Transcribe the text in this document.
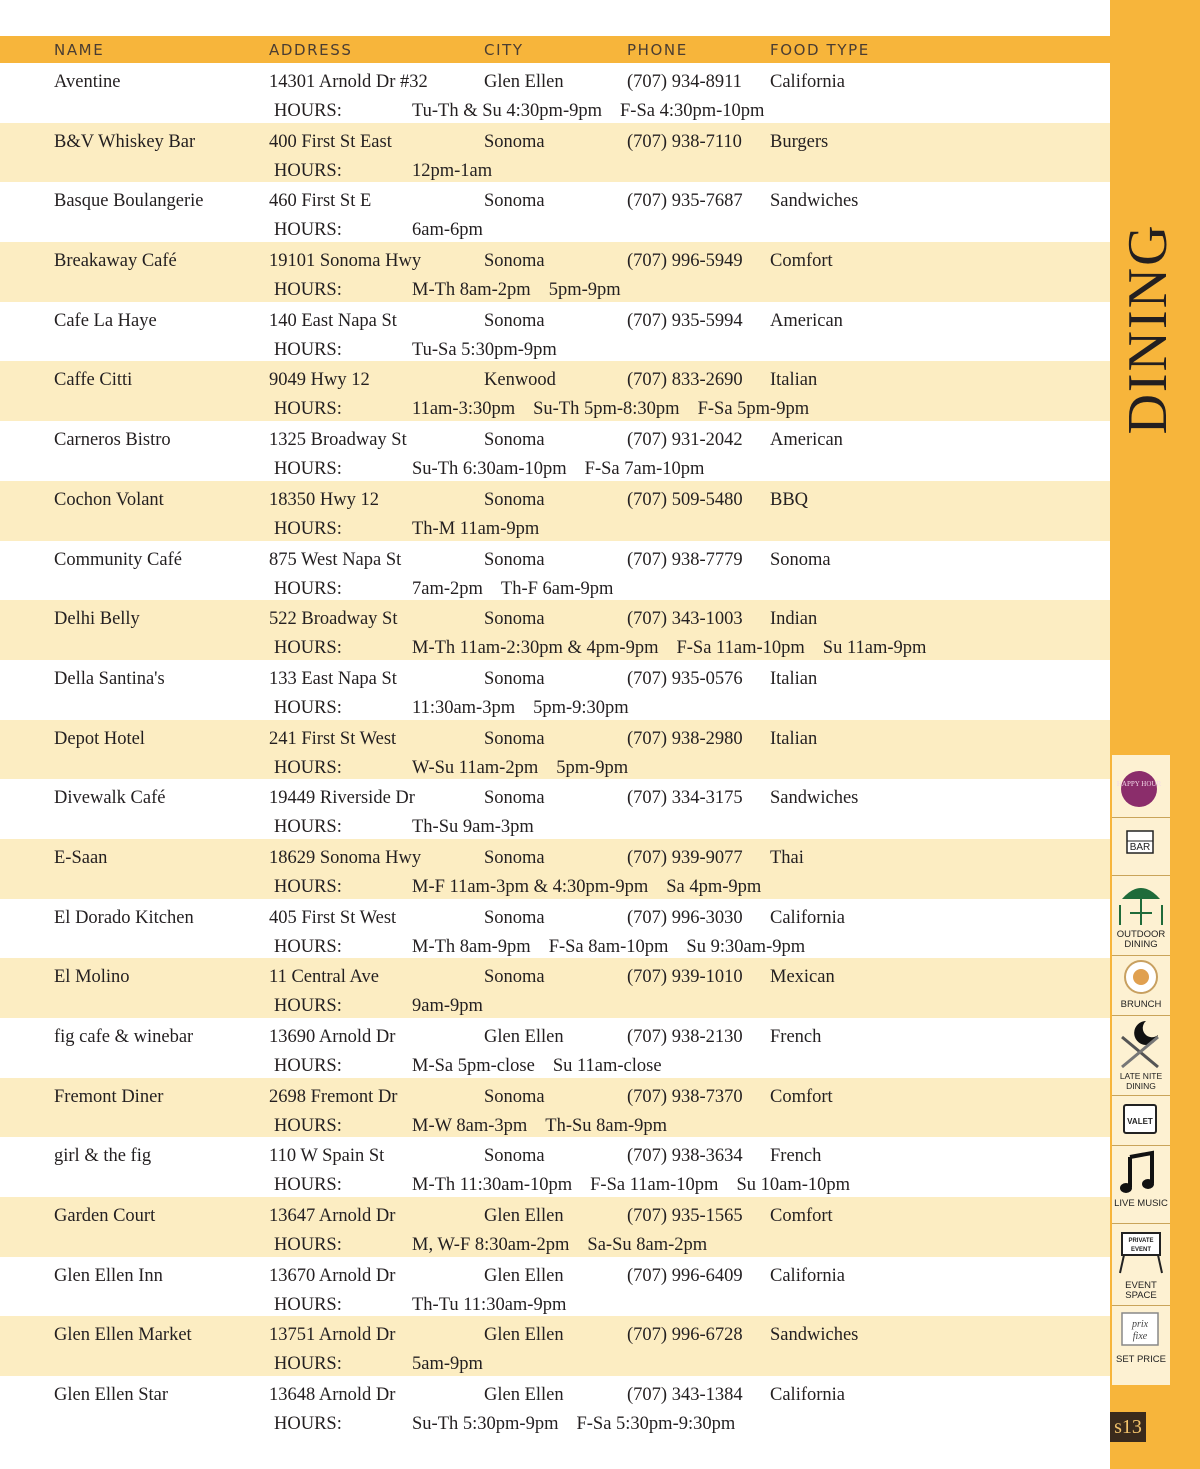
NAME	ADDRESS	CITY	PHONE	FOOD TYPE
Aventine	14301 Arnold Dr #32	Glen Ellen	(707) 934-8911 California
HOURS:	Tu-Th & Su 4:30pm-9pm F-Sa 4:30pm-10pm
B&V Whiskey Bar	400 First St East	Sonoma	(707) 938-7110 Burgers
HOURS:	12pm-1am
Basque Boulangerie	460 First St E	Sonoma	(707) 935-7687 Sandwiches
HOURS:	6am-6pm
Breakaway Café	19101 Sonoma Hwy	Sonoma	(707) 996-5949 Comfort
HOURS:	M-Th 8am-2pm 5pm-9pm
Cafe La Haye	140 East Napa St	Sonoma	(707) 935-5994 American
HOURS:	Tu-Sa 5:30pm-9pm
Caffe Citti	9049 Hwy 12	Kenwood	(707) 833-2690 Italian
HOURS:	11am-3:30pm Su-Th 5pm-8:30pm F-Sa 5pm-9pm
Carneros Bistro	1325 Broadway St	Sonoma	(707) 931-2042 American
HOURS:	Su-Th 6:30am-10pm F-Sa 7am-10pm
Cochon Volant	18350 Hwy 12	Sonoma	(707) 509-5480 BBQ
HOURS:	Th-M 11am-9pm
Community Café	875 West Napa St	Sonoma	(707) 938-7779 Sonoma
HOURS:	7am-2pm Th-F 6am-9pm
Delhi Belly	522 Broadway St	Sonoma	(707) 343-1003 Indian
HOURS:	M-Th 11am-2:30pm & 4pm-9pm F-Sa 11am-10pm Su 11am-9pm
Della Santina's	133 East Napa St	Sonoma	(707) 935-0576 Italian
HOURS:	11:30am-3pm 5pm-9:30pm
Depot Hotel	241 First St West	Sonoma	(707) 938-2980 Italian
HOURS:	W-Su 11am-2pm 5pm-9pm
Divewalk Café	19449 Riverside Dr	Sonoma	(707) 334-3175 Sandwiches
HOURS:	Th-Su 9am-3pm
E-Saan	18629 Sonoma Hwy	Sonoma	(707) 939-9077 Thai
HOURS:	M-F 11am-3pm & 4:30pm-9pm Sa 4pm-9pm
El Dorado Kitchen	405 First St West	Sonoma	(707) 996-3030 California
HOURS:	M-Th 8am-9pm F-Sa 8am-10pm Su 9:30am-9pm
El Molino	11 Central Ave	Sonoma	(707) 939-1010 Mexican
HOURS:	9am-9pm
fig cafe & winebar	13690 Arnold Dr	Glen Ellen	(707) 938-2130 French
HOURS:	M-Sa 5pm-close Su 11am-close
Fremont Diner	2698 Fremont Dr	Sonoma	(707) 938-7370 Comfort
HOURS:	M-W 8am-3pm Th-Su 8am-9pm
girl & the fig	110 W Spain St	Sonoma	(707) 938-3634 French
HOURS:	M-Th 11:30am-10pm F-Sa 11am-10pm Su 10am-10pm
Garden Court	13647 Arnold Dr	Glen Ellen	(707) 935-1565 Comfort
HOURS:	M, W-F 8:30am-2pm Sa-Su 8am-2pm
Glen Ellen Inn	13670 Arnold Dr	Glen Ellen	(707) 996-6409 California
HOURS:	Th-Tu 11:30am-9pm
Glen Ellen Market	13751 Arnold Dr	Glen Ellen	(707) 996-6728 Sandwiches
HOURS:	5am-9pm
Glen Ellen Star	13648 Arnold Dr	Glen Ellen	(707) 343-1384 California
HOURS:	Su-Th 5:30pm-9pm F-Sa 5:30pm-9:30pm
DINING
HAPPY HOUR
BAR
OUTDOOR DINING
BRUNCH
LATE NITE DINING
VALET
LIVE MUSIC
PRIVATE
EVENT
EVENT SPACE
prix
fixe
SET PRICE
s13
